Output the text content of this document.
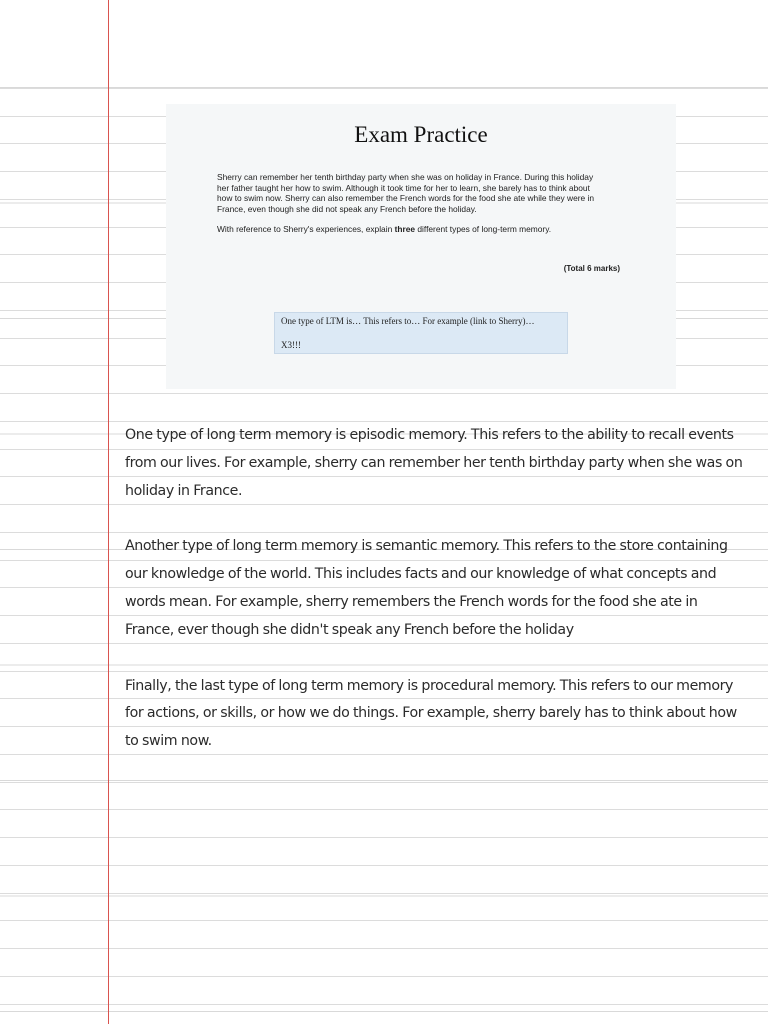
Exam Practice

Sherry can remember her tenth birthday party when she was on holiday in France. During this holiday her father taught her how to swim. Although it took time for her to learn, she barely has to think about how to swim now. Sherry can also remember the French words for the food she ate while they were in France, even though she did not speak any French before the holiday.

With reference to Sherry's experiences, explain three different types of long-term memory.

(Total 6 marks)
One type of LTM is… This refers to… For example (link to Sherry)…
X3!!!

One type of long term memory is episodic memory. This refers to the ability to recall events from our lives. For example, sherry can remember her tenth birthday party when she was on holiday in France.

Another type of long term memory is semantic memory. This refers to the store containing our knowledge of the world. This includes facts and our knowledge of what concepts and words mean. For example, sherry remembers the French words for the food she ate in France, ever though she didn't speak any French before the holiday

Finally, the last type of long term memory is procedural memory. This refers to our memory for actions, or skills, or how we do things. For example, sherry barely has to think about how to swim now.
